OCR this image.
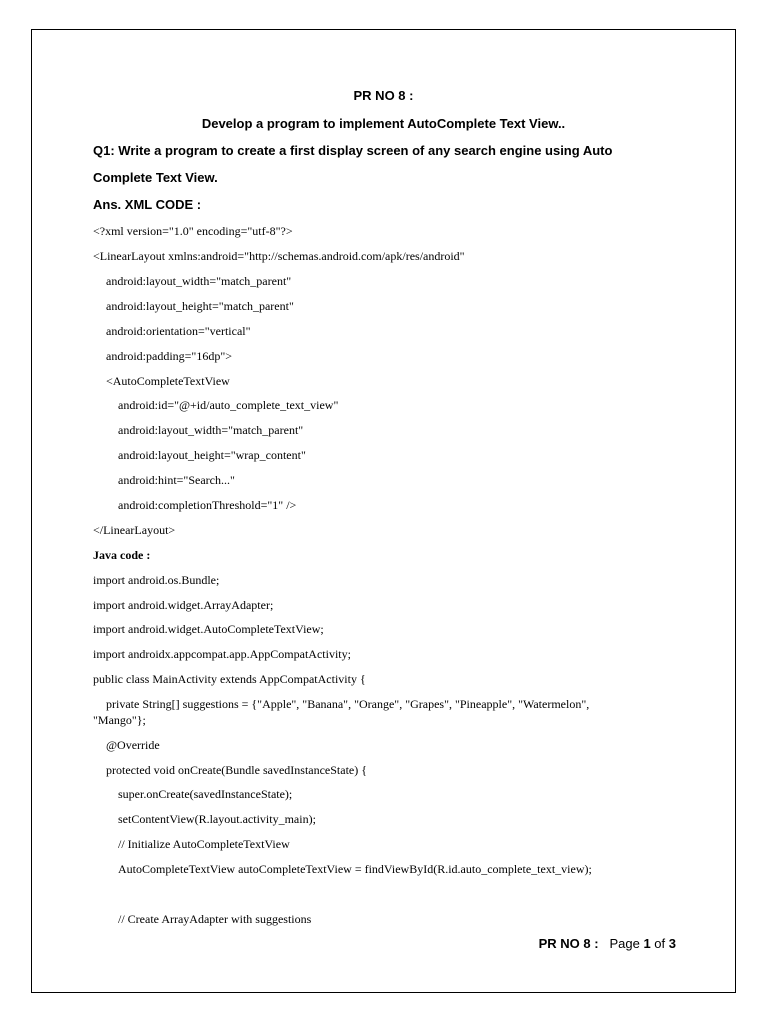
PR NO 8 :
Develop a program to implement AutoComplete Text View..
Q1: Write a program to create a first display screen of any search engine using Auto
Complete Text View.
Ans. XML CODE :
<?xml version="1.0" encoding="utf-8"?>
<LinearLayout xmlns:android="http://schemas.android.com/apk/res/android"
android:layout_width="match_parent"
android:layout_height="match_parent"
android:orientation="vertical"
android:padding="16dp">
<AutoCompleteTextView
android:id="@+id/auto_complete_text_view"
android:layout_width="match_parent"
android:layout_height="wrap_content"
android:hint="Search..."
android:completionThreshold="1" />
</LinearLayout>
Java code :
import android.os.Bundle;
import android.widget.ArrayAdapter;
import android.widget.AutoCompleteTextView;
import androidx.appcompat.app.AppCompatActivity;
public class MainActivity extends AppCompatActivity {
private String[] suggestions = {"Apple", "Banana", "Orange", "Grapes", "Pineapple", "Watermelon",
"Mango"};
@Override
protected void onCreate(Bundle savedInstanceState) {
super.onCreate(savedInstanceState);
setContentView(R.layout.activity_main);
// Initialize AutoCompleteTextView
AutoCompleteTextView autoCompleteTextView = findViewById(R.id.auto_complete_text_view);
// Create ArrayAdapter with suggestions
PR NO 8 : Page 1 of 3
